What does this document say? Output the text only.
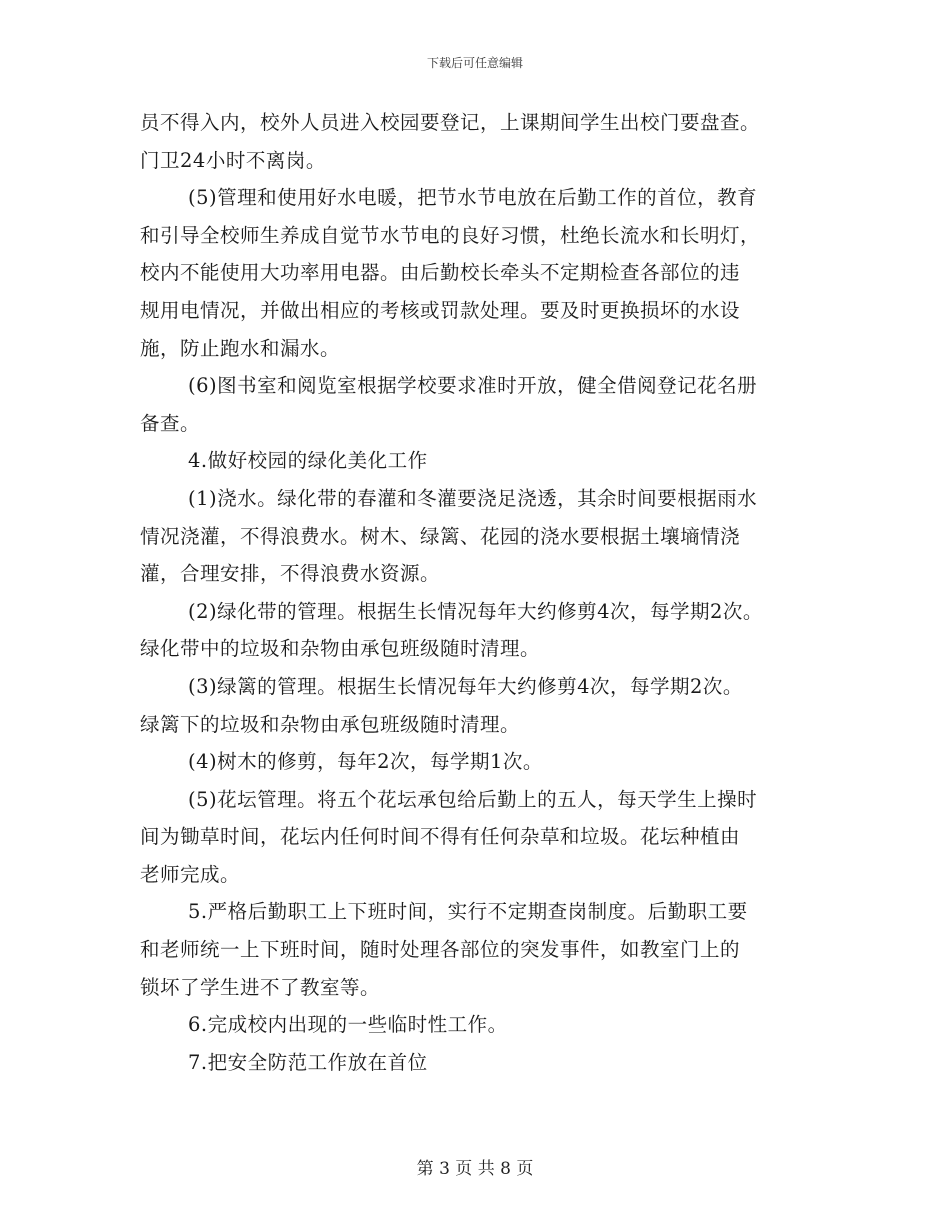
下载后可任意编辑
员不得入内，校外人员进入校园要登记，上课期间学生出校门要盘查。
门卫24小时不离岗。
(5)管理和使用好水电暖，把节水节电放在后勤工作的首位，教育
和引导全校师生养成自觉节水节电的良好习惯，杜绝长流水和长明灯，
校内不能使用大功率用电器。由后勤校长牵头不定期检查各部位的违
规用电情况，并做出相应的考核或罚款处理。要及时更换损坏的水设
施，防止跑水和漏水。
(6)图书室和阅览室根据学校要求准时开放，健全借阅登记花名册
备查。
4.做好校园的绿化美化工作
(1)浇水。绿化带的春灌和冬灌要浇足浇透，其余时间要根据雨水
情况浇灌，不得浪费水。树木、绿篱、花园的浇水要根据土壤墒情浇
灌，合理安排，不得浪费水资源。
(2)绿化带的管理。根据生长情况每年大约修剪4次，每学期2次。
绿化带中的垃圾和杂物由承包班级随时清理。
(3)绿篱的管理。根据生长情况每年大约修剪4次，每学期2次。
绿篱下的垃圾和杂物由承包班级随时清理。
(4)树木的修剪，每年2次，每学期1次。
(5)花坛管理。将五个花坛承包给后勤上的五人，每天学生上操时
间为锄草时间，花坛内任何时间不得有任何杂草和垃圾。花坛种植由
老师完成。
5.严格后勤职工上下班时间，实行不定期查岗制度。后勤职工要
和老师统一上下班时间，随时处理各部位的突发事件，如教室门上的
锁坏了学生进不了教室等。
6.完成校内出现的一些临时性工作。
7.把安全防范工作放在首位
第 3 页 共 8 页
